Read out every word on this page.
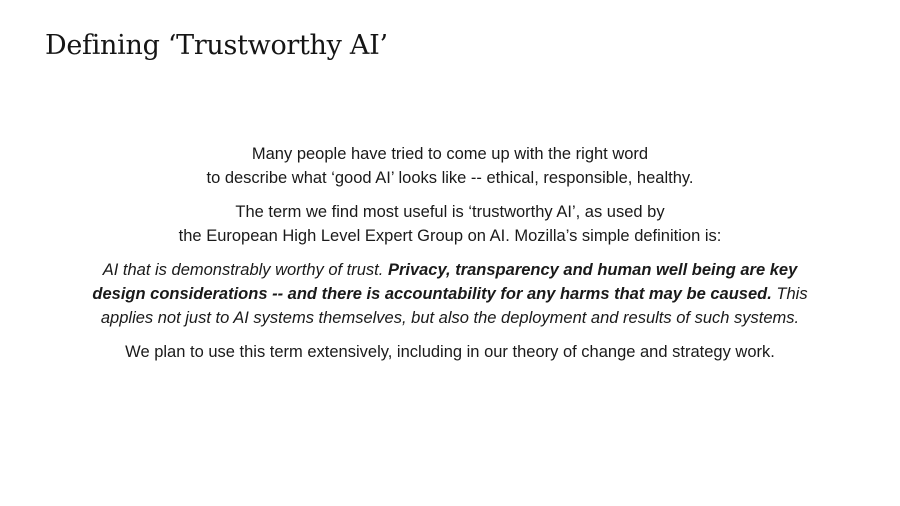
Defining ‘Trustworthy AI’

Many people have tried to come up with the right word
to describe what ‘good AI’ looks like -- ethical, responsible, healthy.

The term we find most useful is ‘trustworthy AI’, as used by
the European High Level Expert Group on AI. Mozilla’s simple definition is:

AI that is demonstrably worthy of trust. Privacy, transparency and human well being are key
design considerations -- and there is accountability for any harms that may be caused. This
applies not just to AI systems themselves, but also the deployment and results of such systems.

We plan to use this term extensively, including in our theory of change and strategy work.
